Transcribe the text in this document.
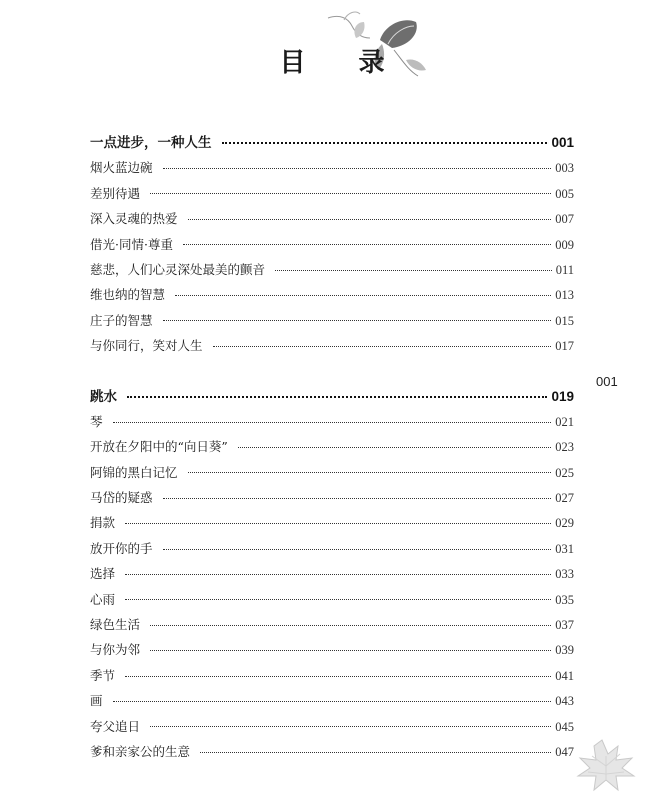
目 录
001
一点进步，一种人生	001
烟火蓝边碗	003
差别待遇	005
深入灵魂的热爱	007
借光·同情·尊重	009
慈悲，人们心灵深处最美的颤音	011
维也纳的智慧	013
庄子的智慧	015
与你同行，笑对人生	017
跳水	019
琴	021
开放在夕阳中的“向日葵”	023
阿锦的黑白记忆	025
马岱的疑惑	027
捐款	029
放开你的手	031
选择	033
心雨	035
绿色生活	037
与你为邻	039
季节	041
画	043
夸父追日	045
爹和亲家公的生意	047
